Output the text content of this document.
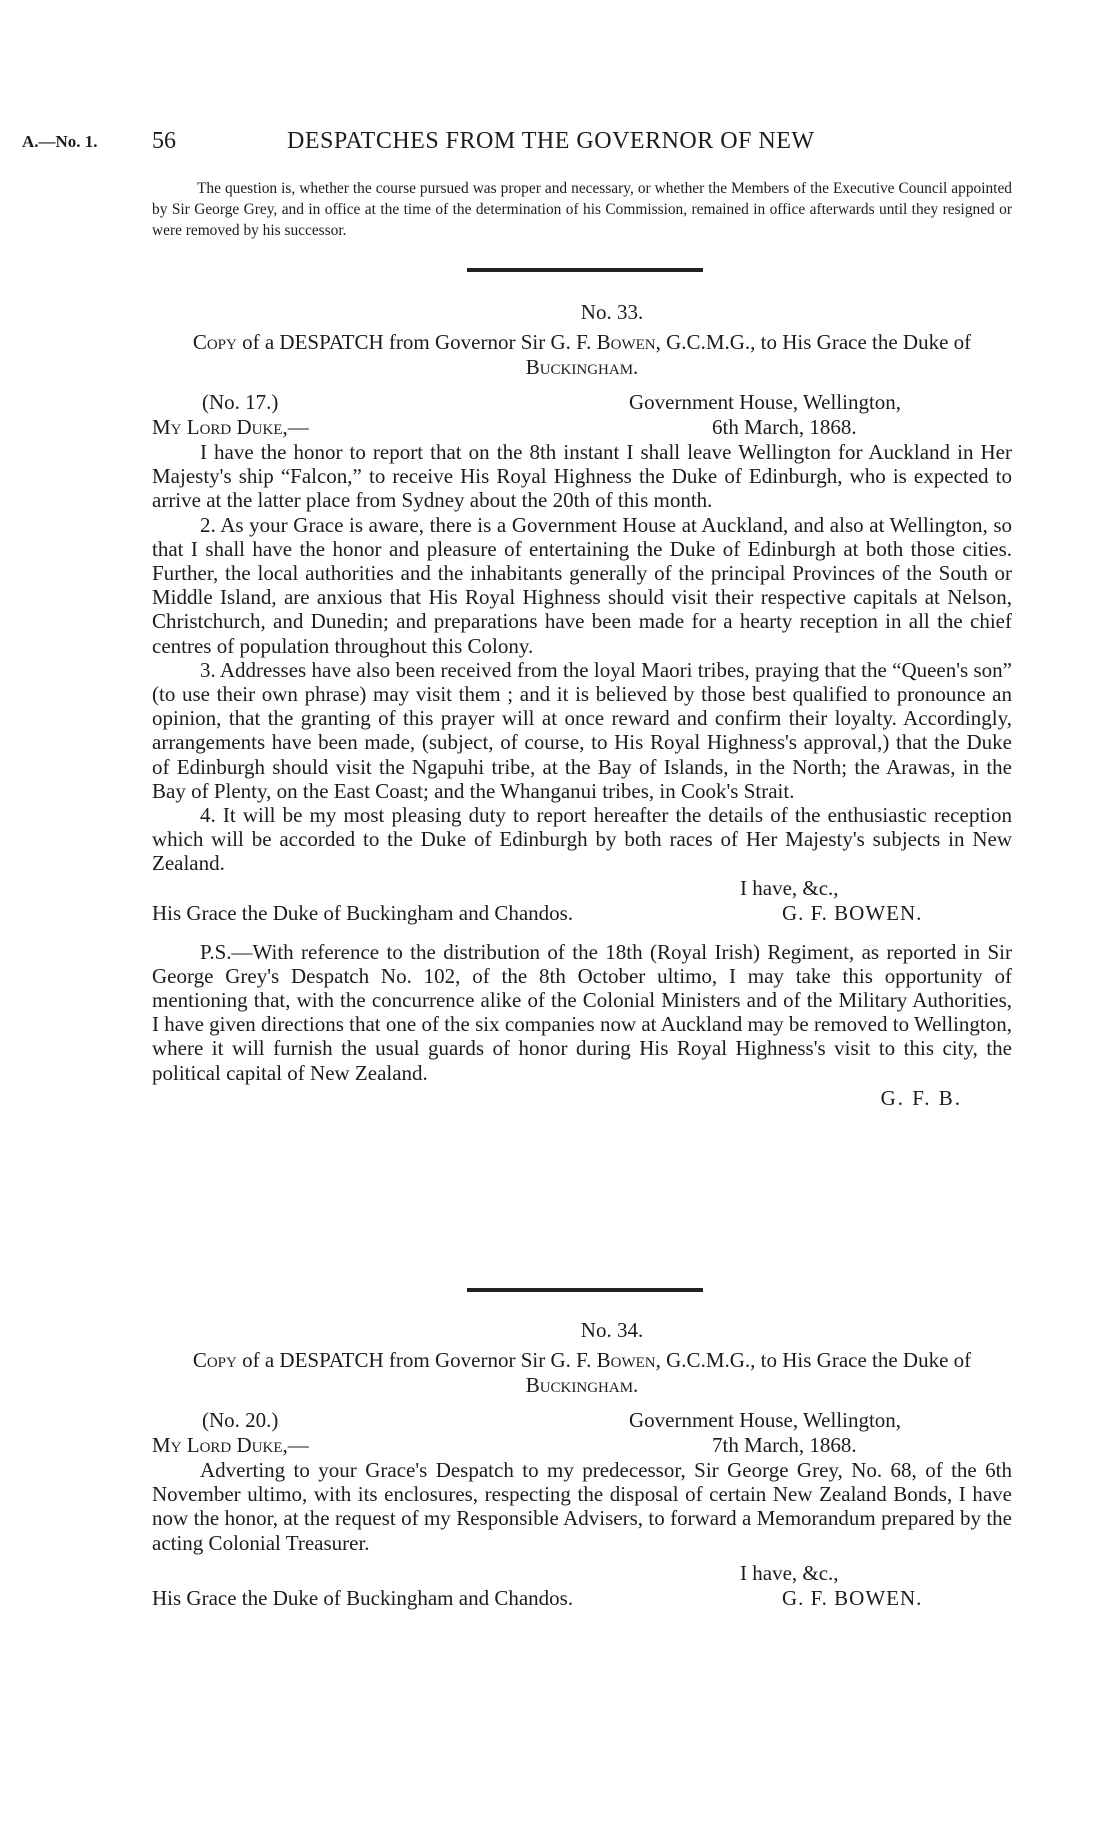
A.—No. 1. 56	DESPATCHES FROM THE GOVERNOR OF NEW

The question is, whether the course pursued was proper and necessary, or whether the Members of the Executive Council appointed by Sir George Grey, and in office at the time of the determination of his Commission, remained in office afterwards until they resigned or were removed by his successor.

No. 33.

Copy of a DESPATCH from Governor Sir G. F. Bowen, G.C.M.G., to His Grace the Duke of Buckingham.

(No. 17.)	Government House, Wellington,
My Lord Duke,—	6th March, 1868.

I have the honor to report that on the 8th instant I shall leave Wellington for Auckland in Her Majesty's ship “Falcon,” to receive His Royal Highness the Duke of Edinburgh, who is expected to arrive at the latter place from Sydney about the 20th of this month.

2. As your Grace is aware, there is a Government House at Auckland, and also at Wellington, so that I shall have the honor and pleasure of entertaining the Duke of Edinburgh at both those cities. Further, the local authorities and the inhabitants generally of the principal Provinces of the South or Middle Island, are anxious that His Royal Highness should visit their respective capitals at Nelson, Christchurch, and Dunedin; and preparations have been made for a hearty reception in all the chief centres of population throughout this Colony.

3. Addresses have also been received from the loyal Maori tribes, praying that the “Queen's son” (to use their own phrase) may visit them ; and it is believed by those best qualified to pronounce an opinion, that the granting of this prayer will at once reward and confirm their loyalty. Accordingly, arrangements have been made, (subject, of course, to His Royal Highness's approval,) that the Duke of Edinburgh should visit the Ngapuhi tribe, at the Bay of Islands, in the North; the Arawas, in the Bay of Plenty, on the East Coast; and the Whanganui tribes, in Cook's Strait.

4. It will be my most pleasing duty to report hereafter the details of the enthusiastic reception which will be accorded to the Duke of Edinburgh by both races of Her Majesty's subjects in New Zealand.

I have, &c.,
His Grace the Duke of Buckingham and Chandos.	G. F. BOWEN.

P.S.—With reference to the distribution of the 18th (Royal Irish) Regiment, as reported in Sir George Grey's Despatch No. 102, of the 8th October ultimo, I may take this opportunity of mentioning that, with the concurrence alike of the Colonial Ministers and of the Military Authorities, I have given directions that one of the six companies now at Auckland may be removed to Wellington, where it will furnish the usual guards of honor during His Royal Highness's visit to this city, the political capital of New Zealand.

G. F. B.

No. 34.

Copy of a DESPATCH from Governor Sir G. F. Bowen, G.C.M.G., to His Grace the Duke of Buckingham.

(No. 20.)	Government House, Wellington,
My Lord Duke,—	7th March, 1868.

Adverting to your Grace's Despatch to my predecessor, Sir George Grey, No. 68, of the 6th November ultimo, with its enclosures, respecting the disposal of certain New Zealand Bonds, I have now the honor, at the request of my Responsible Advisers, to forward a Memorandum prepared by the acting Colonial Treasurer.

I have, &c.,
His Grace the Duke of Buckingham and Chandos.	G. F. BOWEN.
